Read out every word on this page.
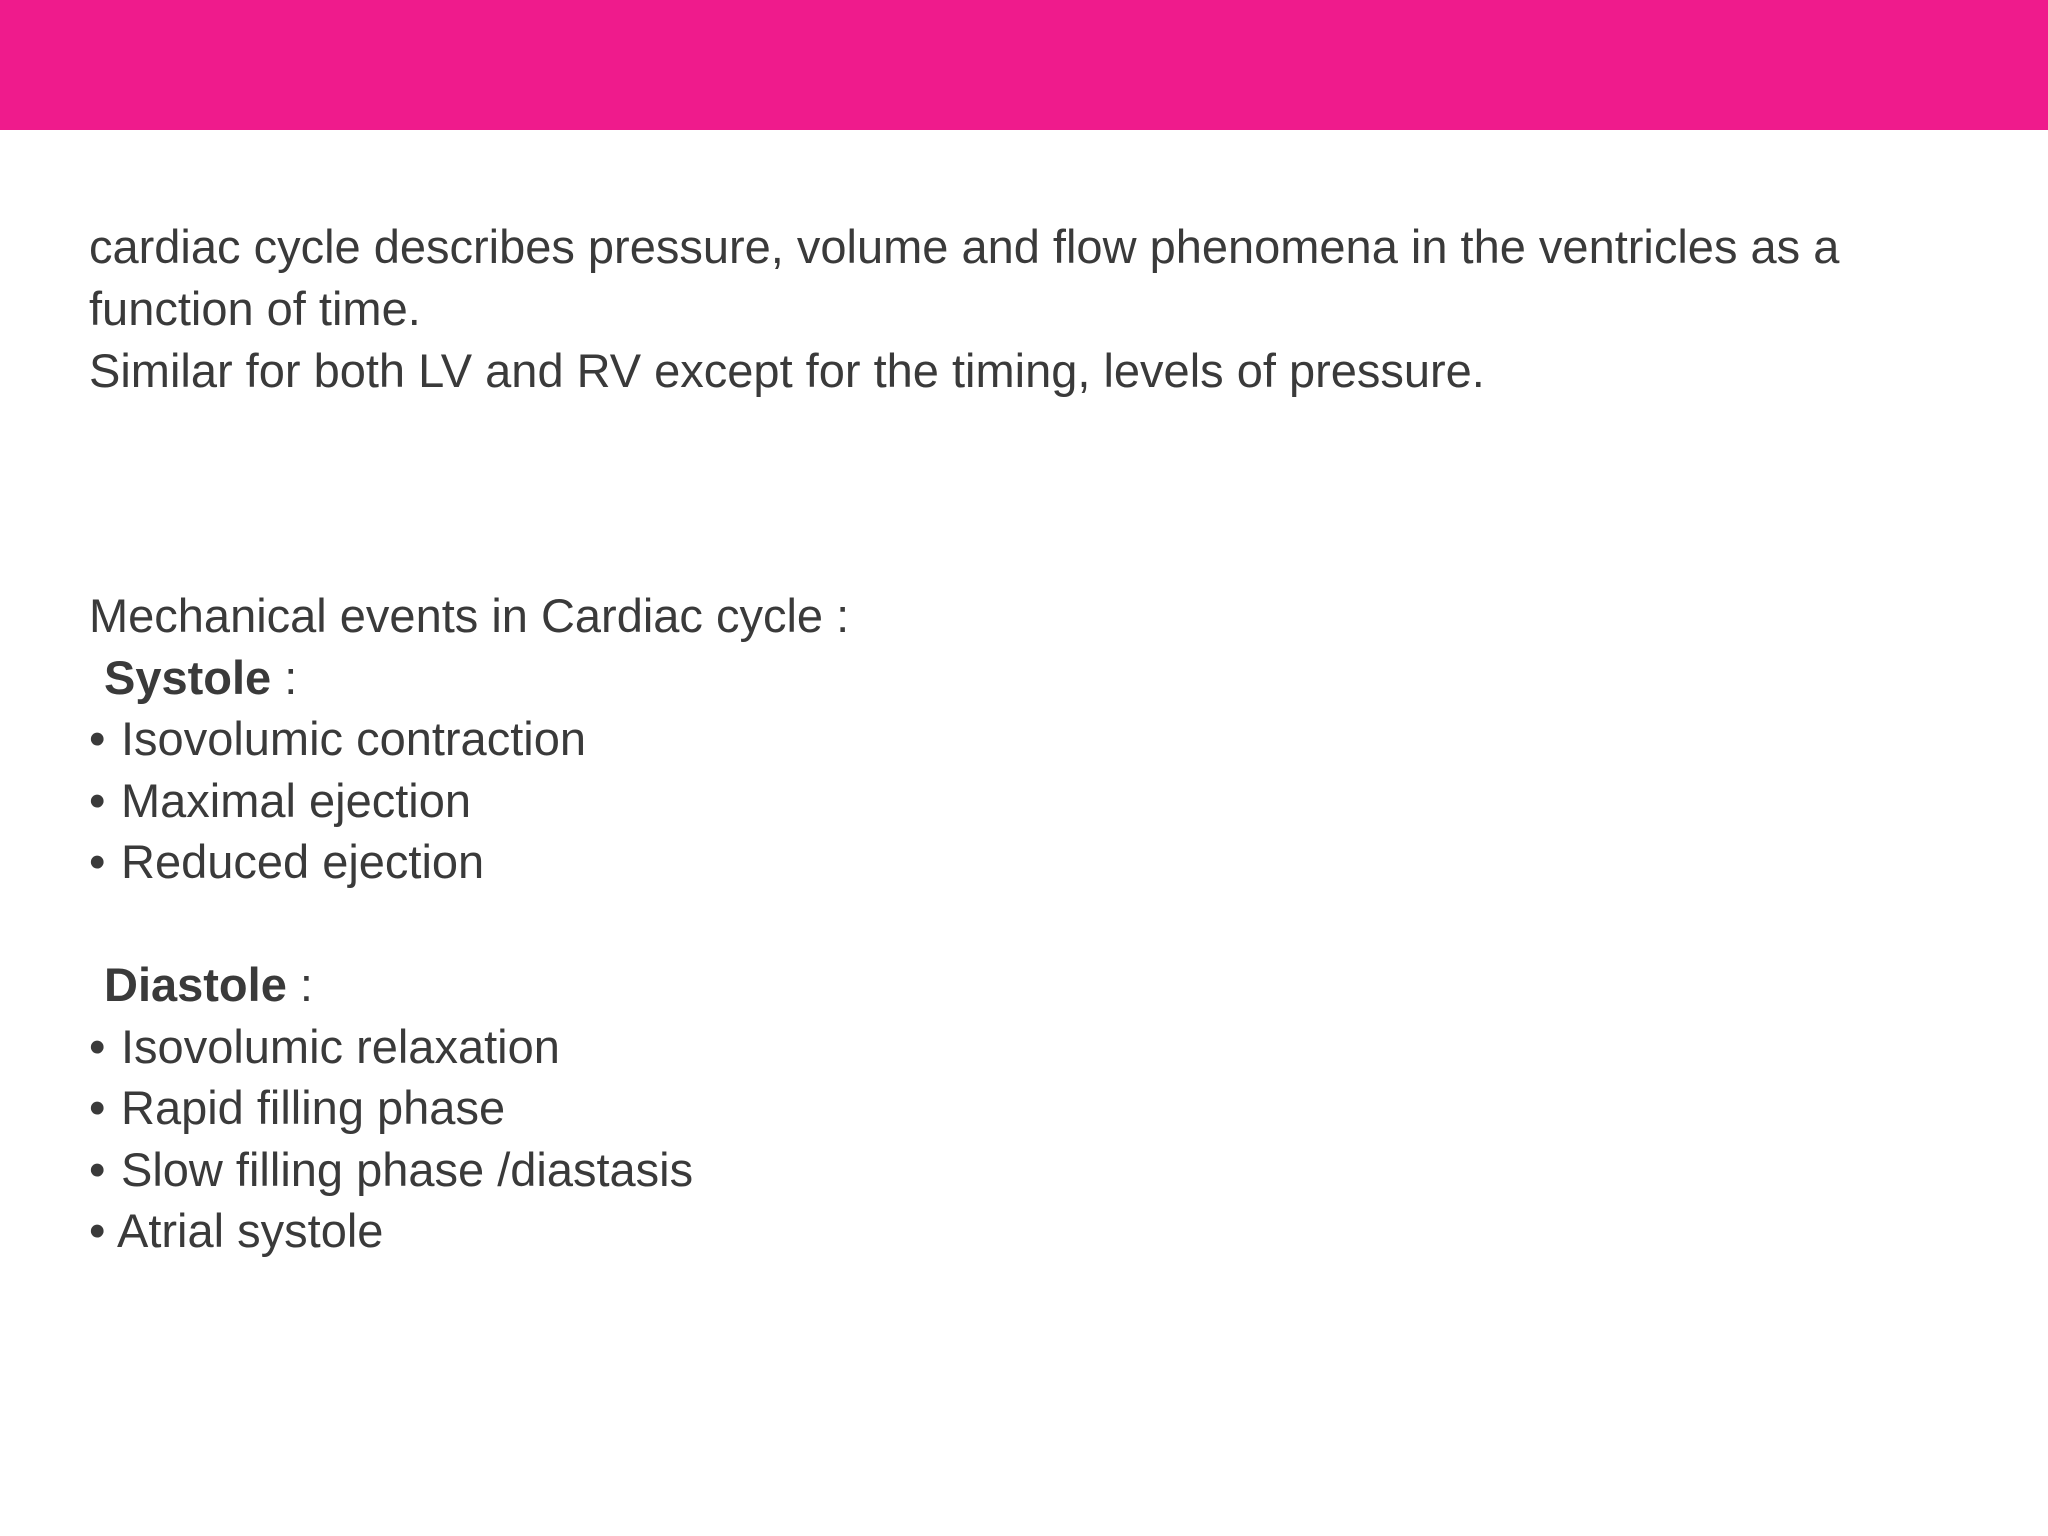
cardiac cycle describes pressure, volume and flow phenomena in the ventricles as a function of time.

Similar for both LV and RV except for the timing, levels of pressure.

Mechanical events in Cardiac cycle :

Systole :

• Isovolumic contraction

• Maximal ejection

• Reduced ejection

Diastole :

• Isovolumic relaxation

• Rapid filling phase

• Slow filling phase /diastasis

• Atrial systole
